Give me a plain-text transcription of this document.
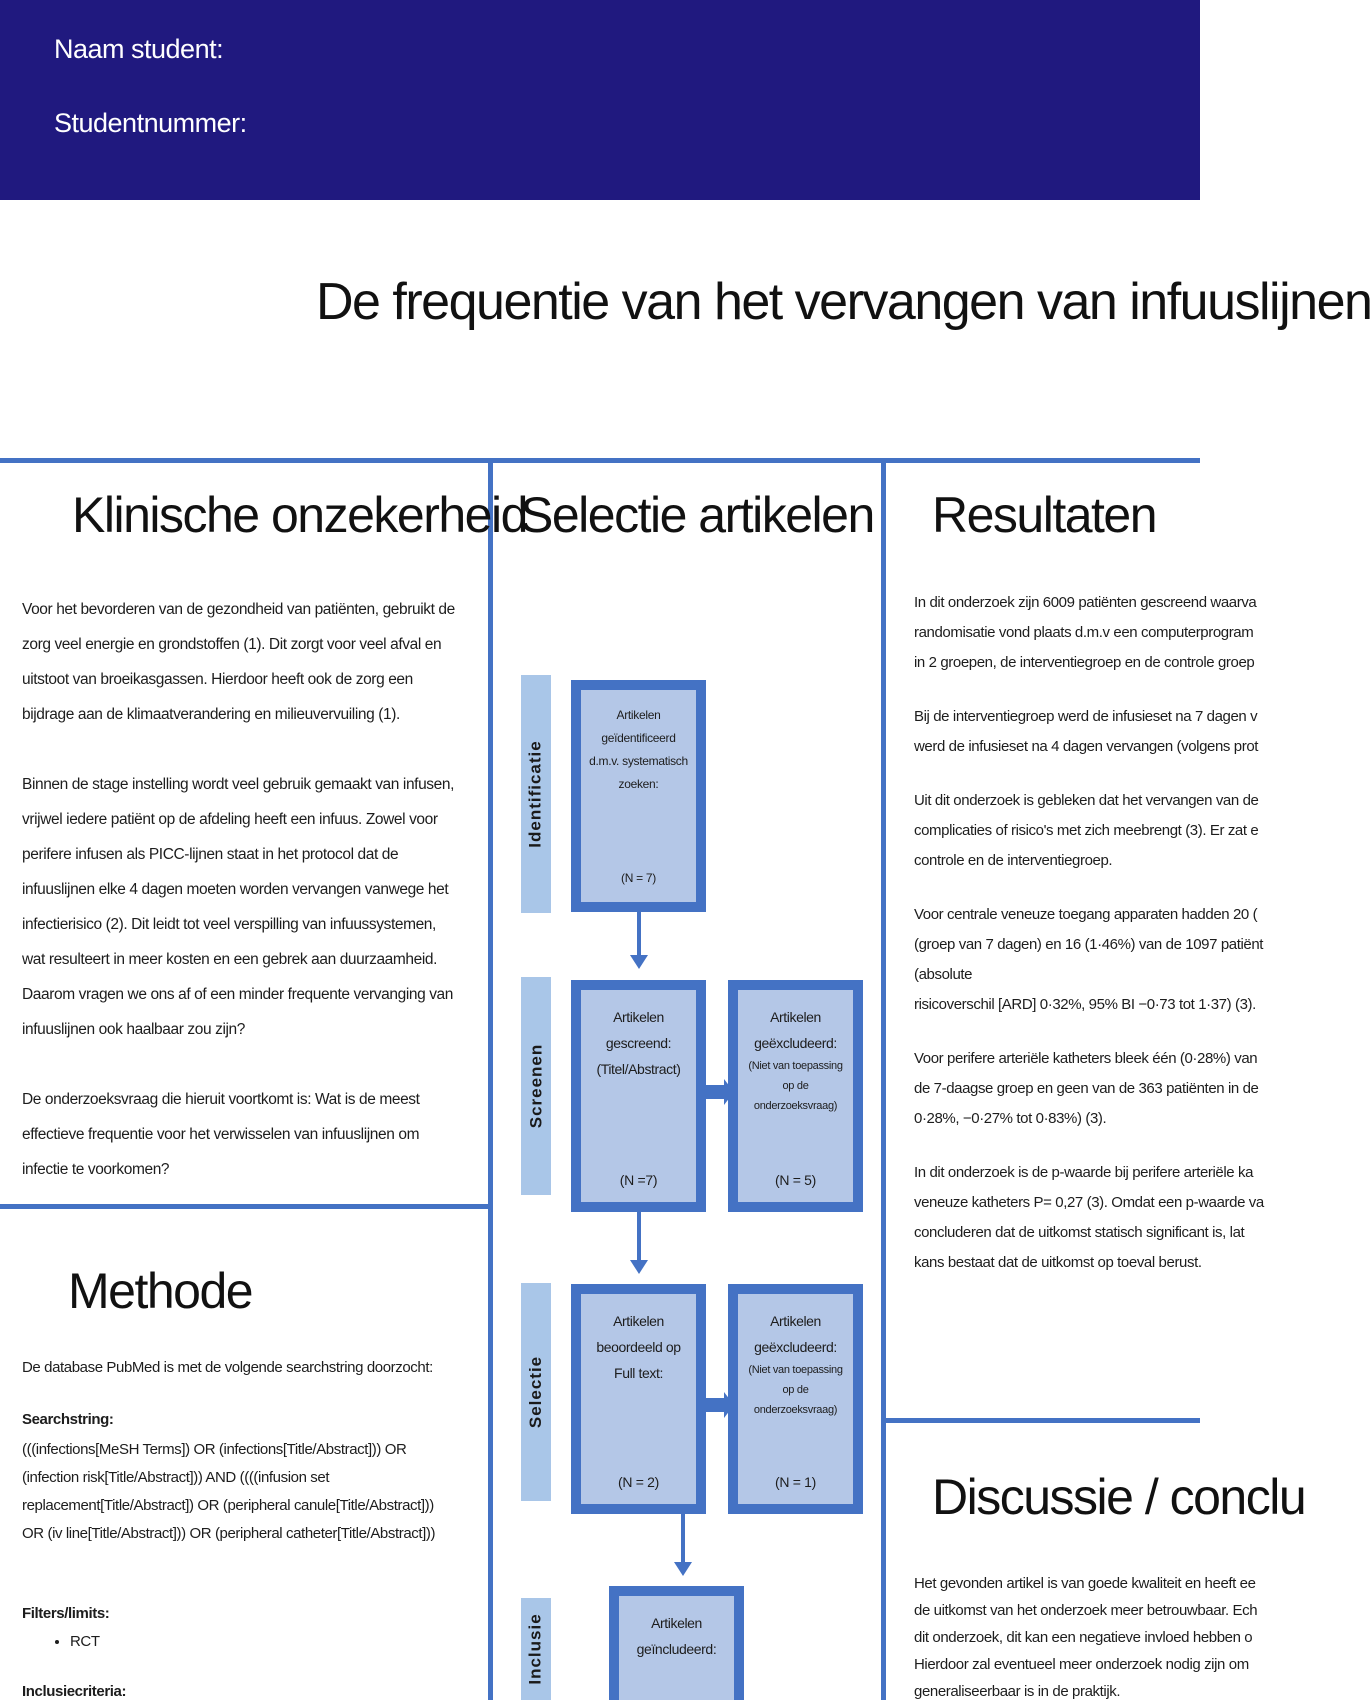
Naam student:
Studentnummer:
De frequentie van het vervangen van infuuslijnen
Klinische onzekerheid

Voor het bevorderen van de gezondheid van patiënten, gebruikt de zorg veel energie en grondstoffen (1). Dit zorgt voor veel afval en uitstoot van broeikasgassen. Hierdoor heeft ook de zorg een bijdrage aan de klimaatverandering en milieuvervuiling (1).

Binnen de stage instelling wordt veel gebruik gemaakt van infusen, vrijwel iedere patiënt op de afdeling heeft een infuus. Zowel voor perifere infusen als PICC-lijnen staat in het protocol dat de infuuslijnen elke 4 dagen moeten worden vervangen vanwege het infectierisico (2). Dit leidt tot veel verspilling van infuussystemen, wat resulteert in meer kosten en een gebrek aan duurzaamheid. Daarom vragen we ons af of een minder frequente vervanging van infuuslijnen ook haalbaar zou zijn?

De onderzoeksvraag die hieruit voortkomt is: Wat is de meest effectieve frequentie voor het verwisselen van infuuslijnen om infectie te voorkomen?

Methode
De database PubMed is met de volgende searchstring doorzocht:
Searchstring:
(((infections[MeSH Terms]) OR (infections[Title/Abstract])) OR (infection risk[Title/Abstract])) AND ((((infusion set replacement[Title/Abstract]) OR (peripheral canule[Title/Abstract])) OR (iv line[Title/Abstract])) OR (peripheral catheter[Title/Abstract]))
Filters/limits:
• RCT
Inclusiecriteria:
Selectie artikelen
Identificatie
Screenen
Selectie
Inclusie
Artikelen geïdentificeerd d.m.v. systematisch zoeken:
(N = 7)
Artikelen gescreend: (Titel/Abstract)
(N =7)
Artikelen geëxcludeerd:
(Niet van toepassing op de onderzoeksvraag)
(N = 5)
Artikelen beoordeeld op Full text:
(N = 2)
Artikelen geëxcludeerd:
(Niet van toepassing op de onderzoeksvraag)
(N = 1)
Artikelen geïncludeerd:
Resultaten
In dit onderzoek zijn 6009 patiënten gescreend waarva
randomisatie vond plaats d.m.v een computerprogram
in 2 groepen, de interventiegroep en de controle groep
Bij de interventiegroep werd de infusieset na 7 dagen v
werd de infusieset na 4 dagen vervangen (volgens prot
Uit dit onderzoek is gebleken dat het vervangen van de
complicaties of risico's met zich meebrengt (3). Er zat e
controle en de interventiegroep.
Voor centrale veneuze toegang apparaten hadden 20 (
(groep van 7 dagen) en 16 (1·46%) van de 1097 patiënt
(absolute
risicoverschil [ARD] 0·32%, 95% BI −0·73 tot 1·37) (3).
Voor perifere arteriële katheters bleek één (0·28%) van
de 7-daagse groep en geen van de 363 patiënten in de
0·28%, −0·27% tot 0·83%) (3).
In dit onderzoek is de p-waarde bij perifere arteriële ka
veneuze katheters P= 0,27 (3). Omdat een p-waarde va
concluderen dat de uitkomst statisch significant is, lat
kans bestaat dat de uitkomst op toeval berust.
Discussie / conclu
Het gevonden artikel is van goede kwaliteit en heeft ee
de uitkomst van het onderzoek meer betrouwbaar. Ech
dit onderzoek, dit kan een negatieve invloed hebben o
Hierdoor zal eventueel meer onderzoek nodig zijn om
generaliseerbaar is in de praktijk.
